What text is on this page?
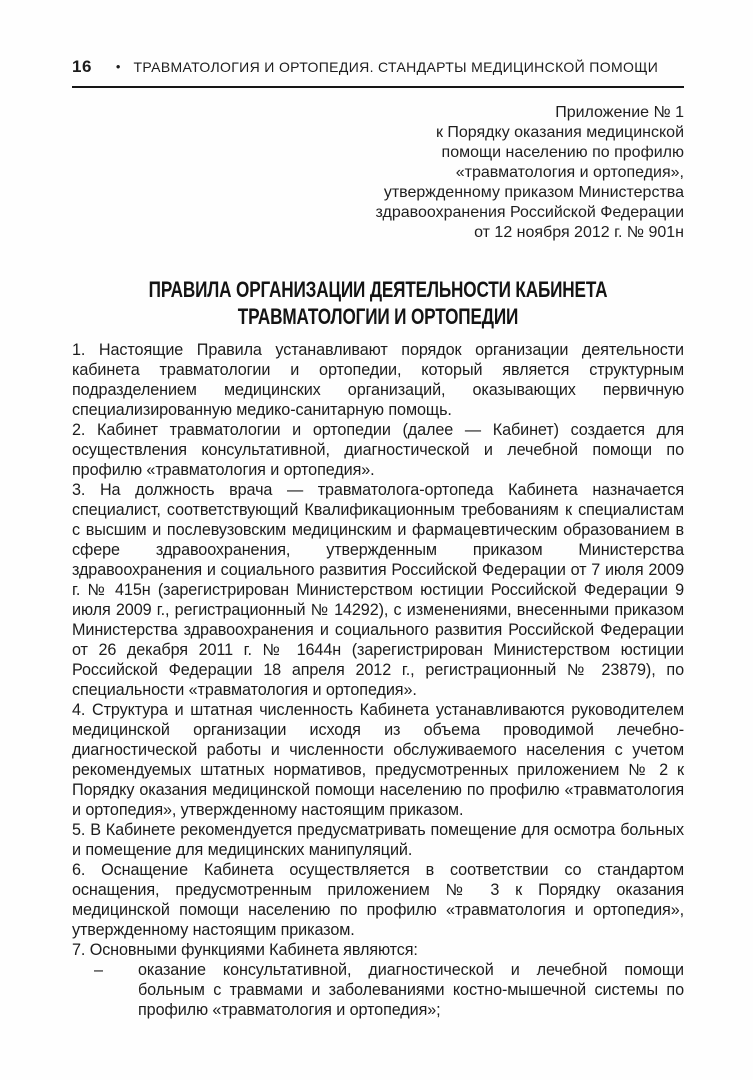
16 • ТРАВМАТОЛОГИЯ И ОРТОПЕДИЯ. СТАНДАРТЫ МЕДИЦИНСКОЙ ПОМОЩИ
Приложение № 1
к Порядку оказания медицинской
помощи населению по профилю
«травматология и ортопедия»,
утвержденному приказом Министерства
здравоохранения Российской Федерации
от 12 ноября 2012 г. № 901н
ПРАВИЛА ОРГАНИЗАЦИИ ДЕЯТЕЛЬНОСТИ КАБИНЕТА
ТРАВМАТОЛОГИИ И ОРТОПЕДИИ

1. Настоящие Правила устанавливают порядок организации деятельности кабинета травматологии и ортопедии, который является структурным подразделением медицинских организаций, оказывающих первичную специализированную медико-санитарную помощь.

2. Кабинет травматологии и ортопедии (далее — Кабинет) создается для осуществления консультативной, диагностической и лечебной помощи по профилю «травматология и ортопедия».

3. На должность врача — травматолога-ортопеда Кабинета назначается специалист, соответствующий Квалификационным требованиям к специалистам с высшим и послевузовским медицинским и фармацевтическим образованием в сфере здравоохранения, утвержденным приказом Министерства здравоохранения и социального развития Российской Федерации от 7 июля 2009 г. № 415н (зарегистрирован Министерством юстиции Российской Федерации 9 июля 2009 г., регистрационный № 14292), с изменениями, внесенными приказом Министерства здравоохранения и социального развития Российской Федерации от 26 декабря 2011 г. № 1644н (зарегистрирован Министерством юстиции Российской Федерации 18 апреля 2012 г., регистрационный № 23879), по специальности «травматология и ортопедия».

4. Структура и штатная численность Кабинета устанавливаются руководителем медицинской организации исходя из объема проводимой лечебно-диагностической работы и численности обслуживаемого населения с учетом рекомендуемых штатных нормативов, предусмотренных приложением № 2 к Порядку оказания медицинской помощи населению по профилю «травматология и ортопедия», утвержденному настоящим приказом.

5. В Кабинете рекомендуется предусматривать помещение для осмотра больных и помещение для медицинских манипуляций.

6. Оснащение Кабинета осуществляется в соответствии со стандартом оснащения, предусмотренным приложением № 3 к Порядку оказания медицинской помощи населению по профилю «травматология и ортопедия», утвержденному настоящим приказом.

7. Основными функциями Кабинета являются:

– оказание консультативной, диагностической и лечебной помощи больным с травмами и заболеваниями костно-мышечной системы по профилю «травматология и ортопедия»;
